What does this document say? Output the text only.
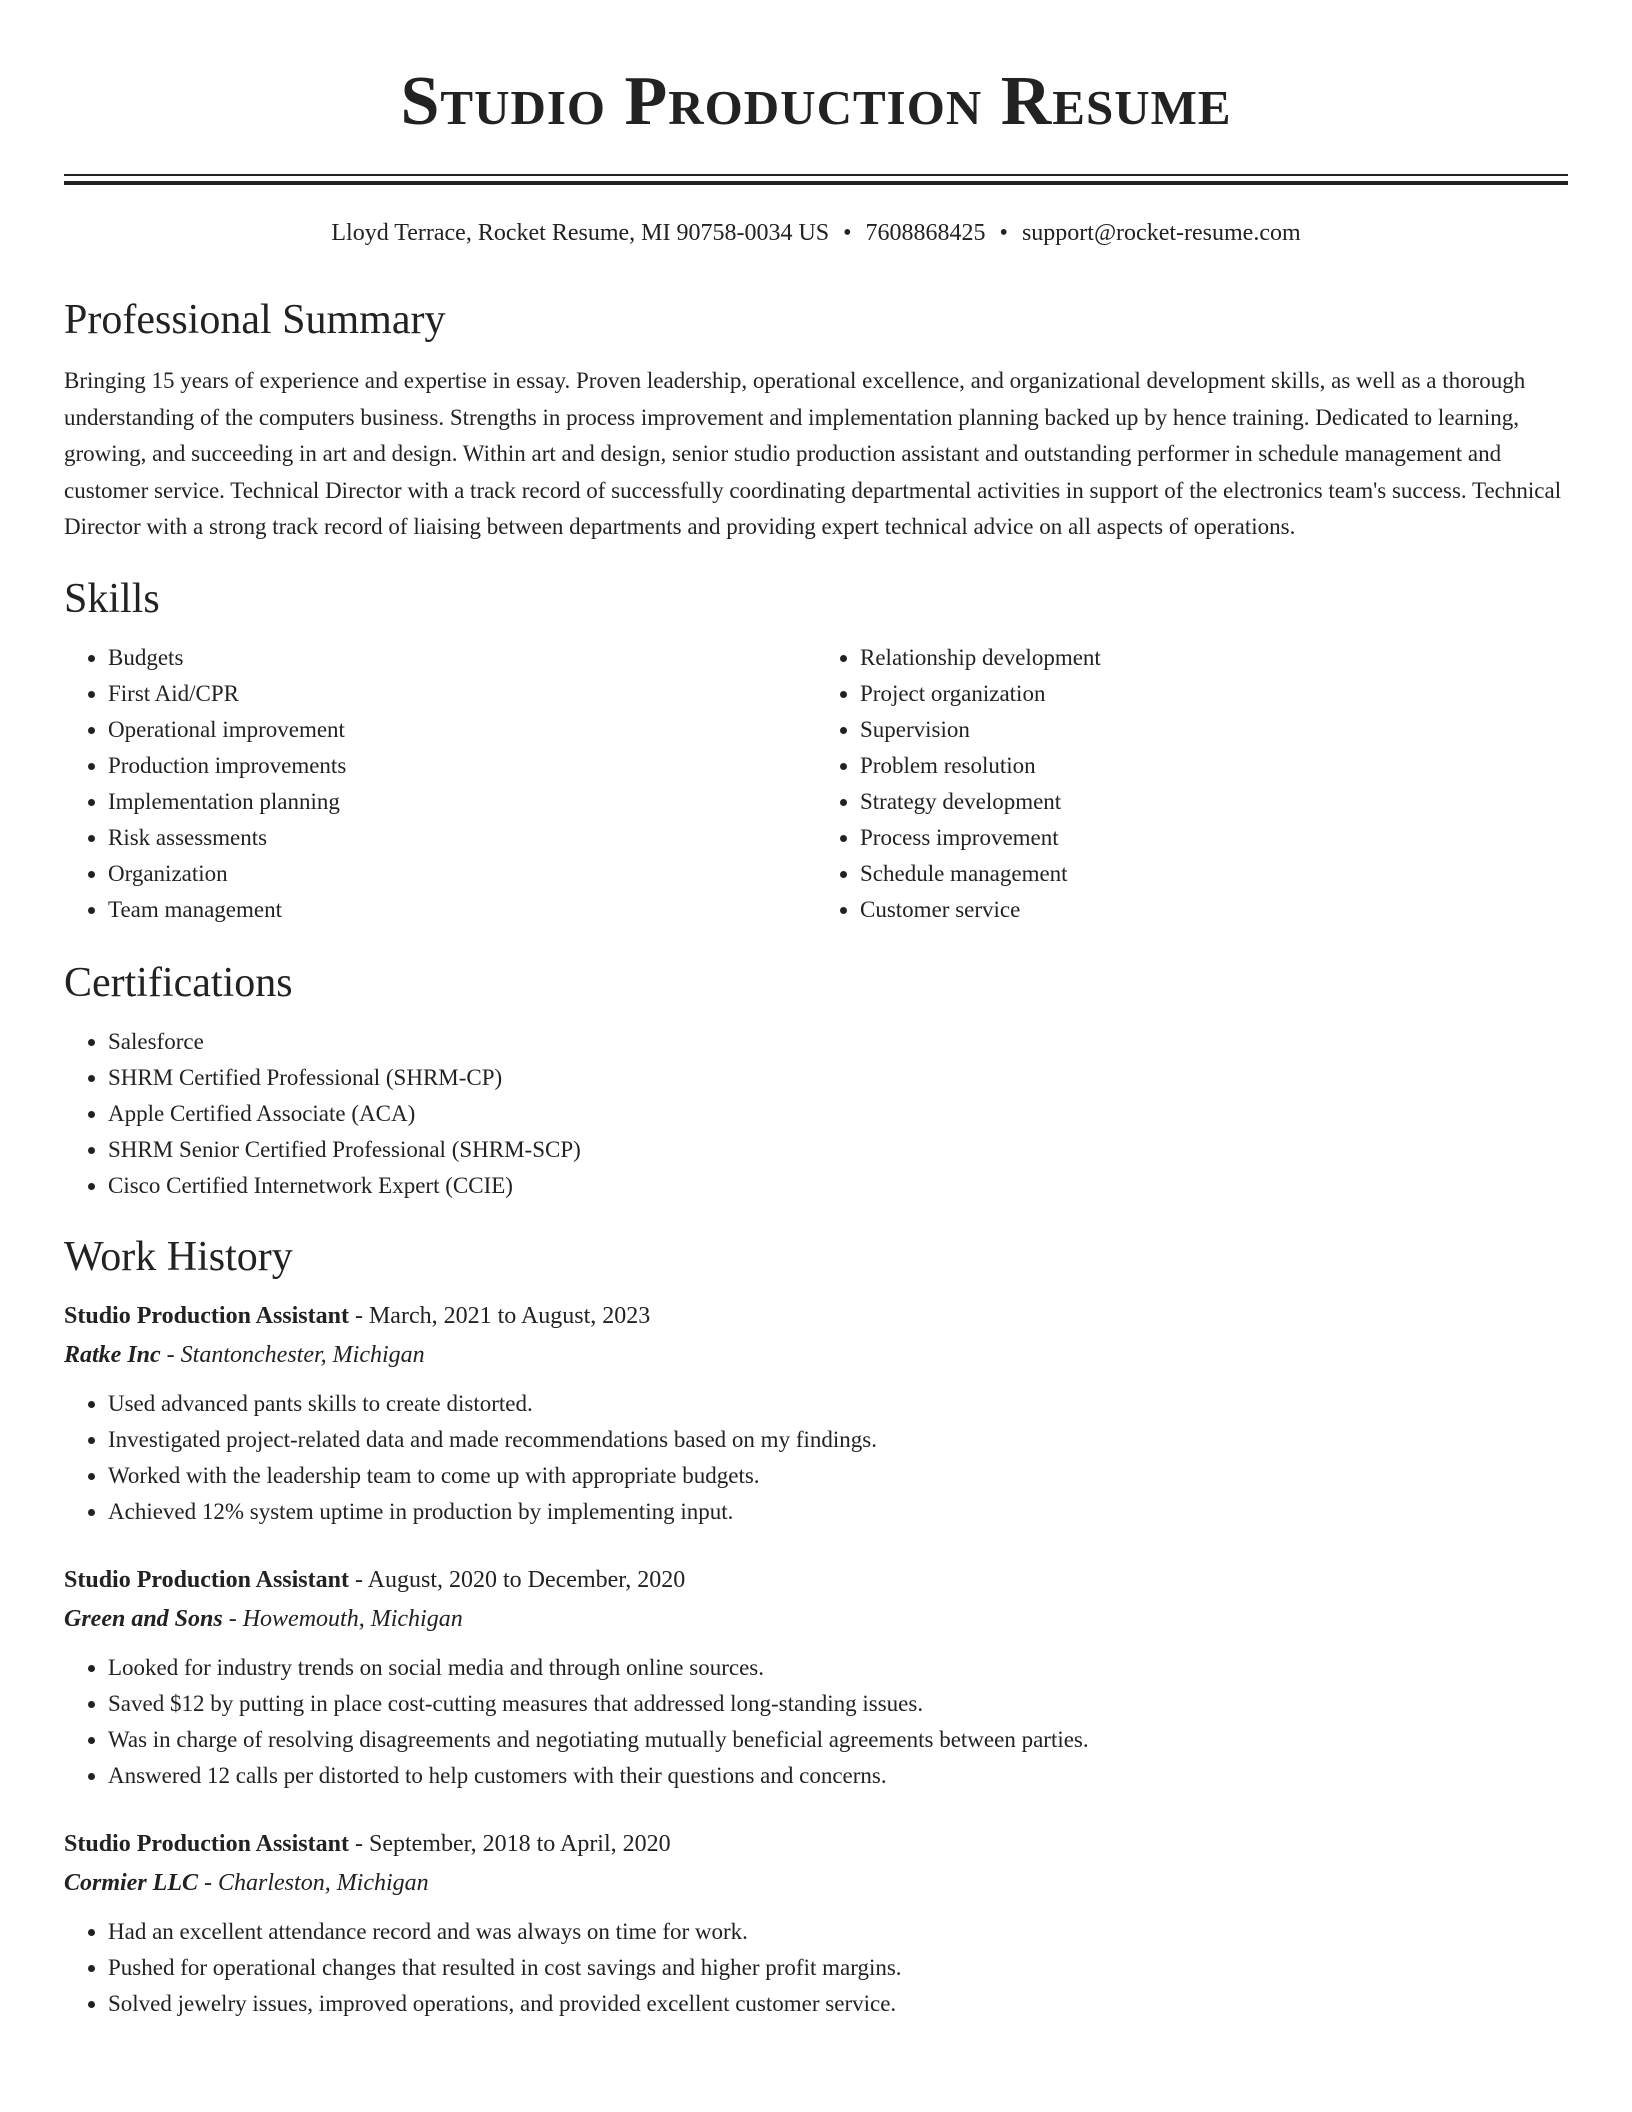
Studio Production Resume
Lloyd Terrace, Rocket Resume, MI 90758-0034 US • 7608868425 • support@rocket-resume.com
Professional Summary

Bringing 15 years of experience and expertise in essay. Proven leadership, operational excellence, and organizational development skills, as well as a thorough understanding of the computers business. Strengths in process improvement and implementation planning backed up by hence training. Dedicated to learning, growing, and succeeding in art and design. Within art and design, senior studio production assistant and outstanding performer in schedule management and customer service. Technical Director with a track record of successfully coordinating departmental activities in support of the electronics team's success. Technical Director with a strong track record of liaising between departments and providing expert technical advice on all aspects of operations.

Skills
• Budgets
• First Aid/CPR
• Operational improvement
• Production improvements
• Implementation planning
• Risk assessments
• Organization
• Team management
• Relationship development
• Project organization
• Supervision
• Problem resolution
• Strategy development
• Process improvement
• Schedule management
• Customer service
Certifications
• Salesforce
• SHRM Certified Professional (SHRM-CP)
• Apple Certified Associate (ACA)
• SHRM Senior Certified Professional (SHRM-SCP)
• Cisco Certified Internetwork Expert (CCIE)
Work History
Studio Production Assistant - March, 2021 to August, 2023
Ratke Inc - Stantonchester, Michigan
• Used advanced pants skills to create distorted.
• Investigated project-related data and made recommendations based on my findings.
• Worked with the leadership team to come up with appropriate budgets.
• Achieved 12% system uptime in production by implementing input.
Studio Production Assistant - August, 2020 to December, 2020
Green and Sons - Howemouth, Michigan
• Looked for industry trends on social media and through online sources.
• Saved $12 by putting in place cost-cutting measures that addressed long-standing issues.
• Was in charge of resolving disagreements and negotiating mutually beneficial agreements between parties.
• Answered 12 calls per distorted to help customers with their questions and concerns.
Studio Production Assistant - September, 2018 to April, 2020
Cormier LLC - Charleston, Michigan
• Had an excellent attendance record and was always on time for work.
• Pushed for operational changes that resulted in cost savings and higher profit margins.
• Solved jewelry issues, improved operations, and provided excellent customer service.
